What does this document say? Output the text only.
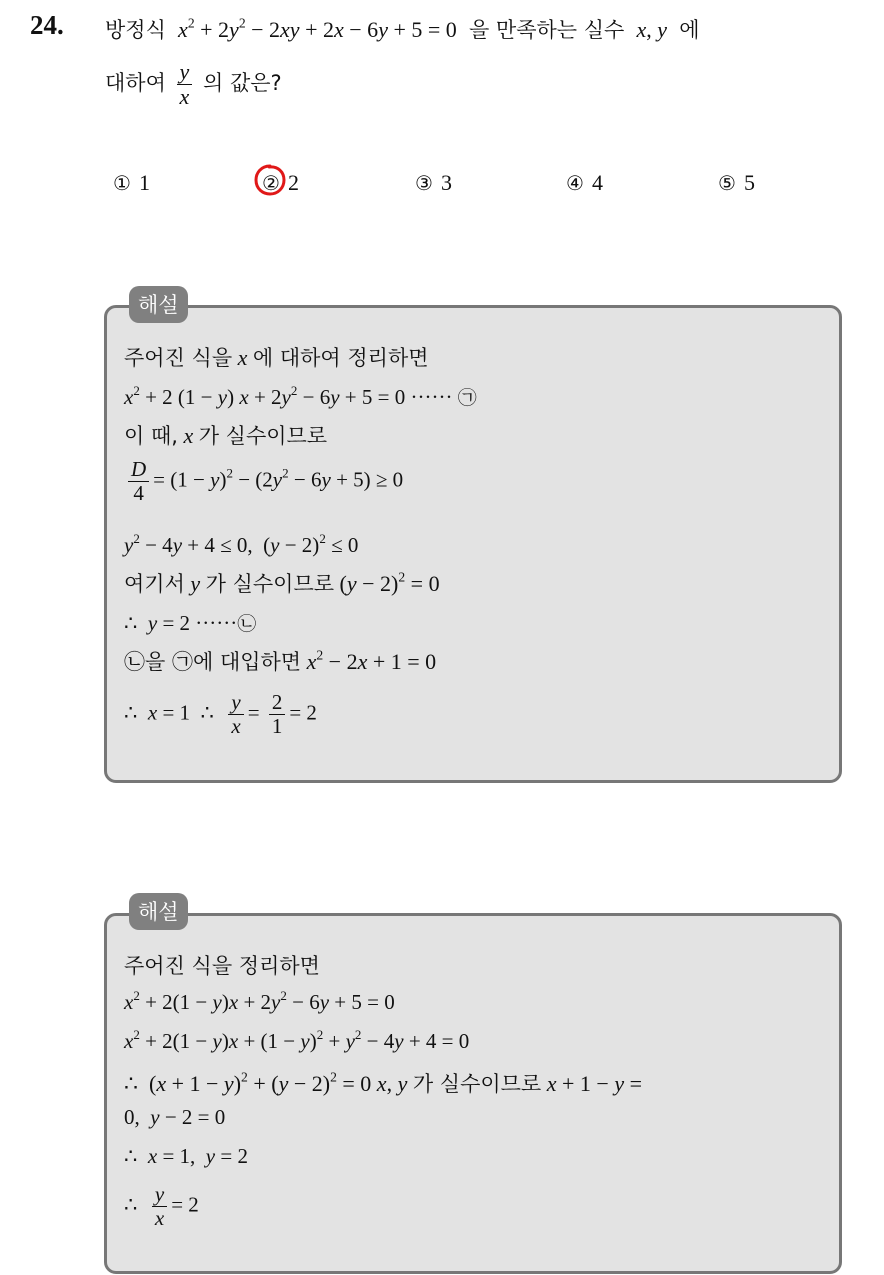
24. 방정식 $x^2 + 2y^2 - 2xy + 2x - 6y + 5 = 0$  을 만족하는 실수 x, y 에
대하여 $\frac{y}{x}$ 의 값은?
① 1	② 2	③ 3	④ 4	⑤ 5
해설
주어진 식을 x 에 대하여 정리하면
$x^2 + 2$ (1 − y) $x + 2y^2 - 6y + 5 = 0$ ······ ㉠
이 때, x 가 실수이므로
$\frac{D}{4} = (1 - y)^2 - (2y^2 - 6y + 5) \ge 0$
$y^2 - 4y + 4 \le 0$,  $(y - 2)^2 \le 0$
여기서 y 가 실수이므로 $(y - 2)^2 = 0$
∴  y = 2 ······㉡
㉡을 ㉠에 대입하면 $x^2 - 2x + 1 = 0$
∴  x = 1  ∴ $\frac{y}{x} = \frac{2}{1} = 2$
해설
주어진 식을 정리하면
$x^2 + 2(1 - y)x + 2y^2 - 6y + 5 = 0$
$x^2 + 2(1 - y)x + (1 - y)^2 + y^2 - 4y + 4 = 0$
∴  $(x + 1 - y)^2 + (y - 2)^2 = 0$ x, y 가 실수이므로 x + 1 − y =
0,  y − 2 = 0
∴  x = 1,  y = 2
∴ $\frac{y}{x} = 2$
